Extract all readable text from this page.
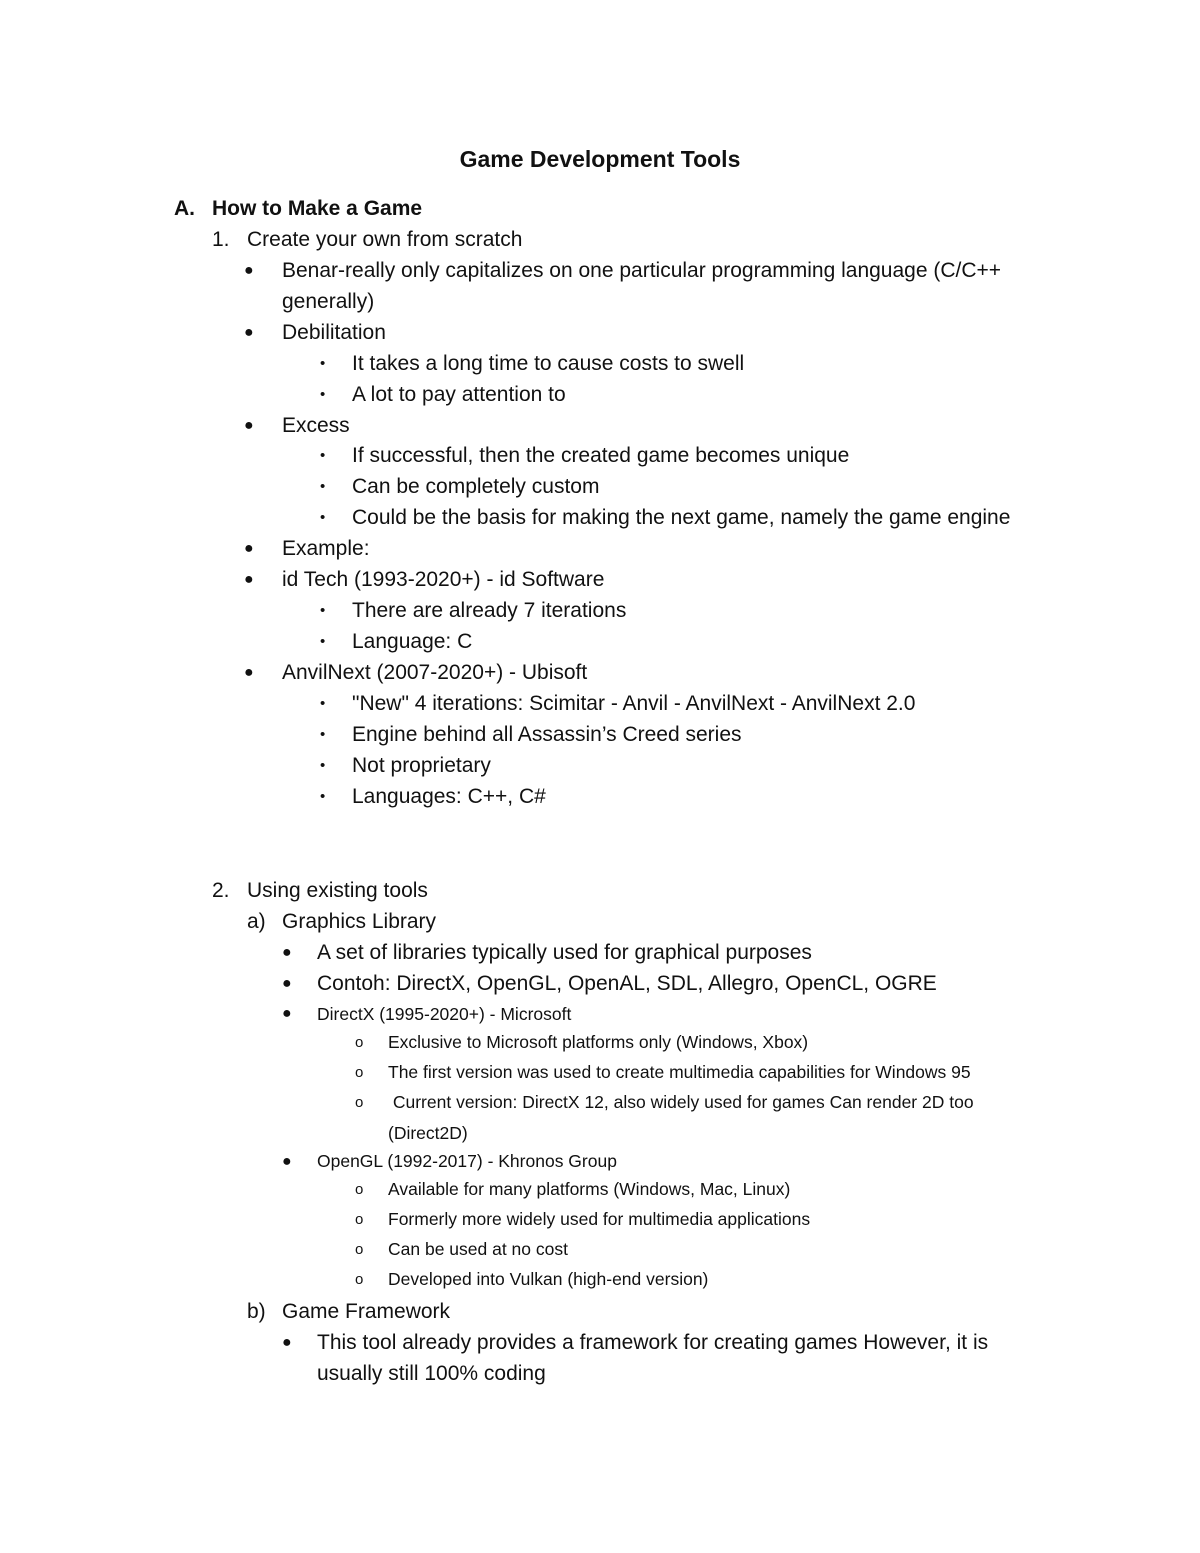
Game Development Tools
A. How to Make a Game
1. Create your own from scratch
● Benar-really only capitalizes on one particular programming language (C/C++
generally)
● Debilitation
• It takes a long time to cause costs to swell
• A lot to pay attention to
● Excess
• If successful, then the created game becomes unique
• Can be completely custom
• Could be the basis for making the next game, namely the game engine
● Example:
● id Tech (1993-2020+) - id Software
• There are already 7 iterations
• Language: C
● AnvilNext (2007-2020+) - Ubisoft
• "New" 4 iterations: Scimitar - Anvil - AnvilNext - AnvilNext 2.0
• Engine behind all Assassin’s Creed series
• Not proprietary
• Languages: C++, C#
2. Using existing tools
a) Graphics Library
● A set of libraries typically used for graphical purposes
● Contoh: DirectX, OpenGL, OpenAL, SDL, Allegro, OpenCL, OGRE
● DirectX (1995-2020+) - Microsoft
o Exclusive to Microsoft platforms only (Windows, Xbox)
o The first version was used to create multimedia capabilities for Windows 95
o Current version: DirectX 12, also widely used for games Can render 2D too
(Direct2D)
● OpenGL (1992-2017) - Khronos Group
o Available for many platforms (Windows, Mac, Linux)
o Formerly more widely used for multimedia applications
o Can be used at no cost
o Developed into Vulkan (high-end version)
b) Game Framework
● This tool already provides a framework for creating games However, it is
usually still 100% coding
